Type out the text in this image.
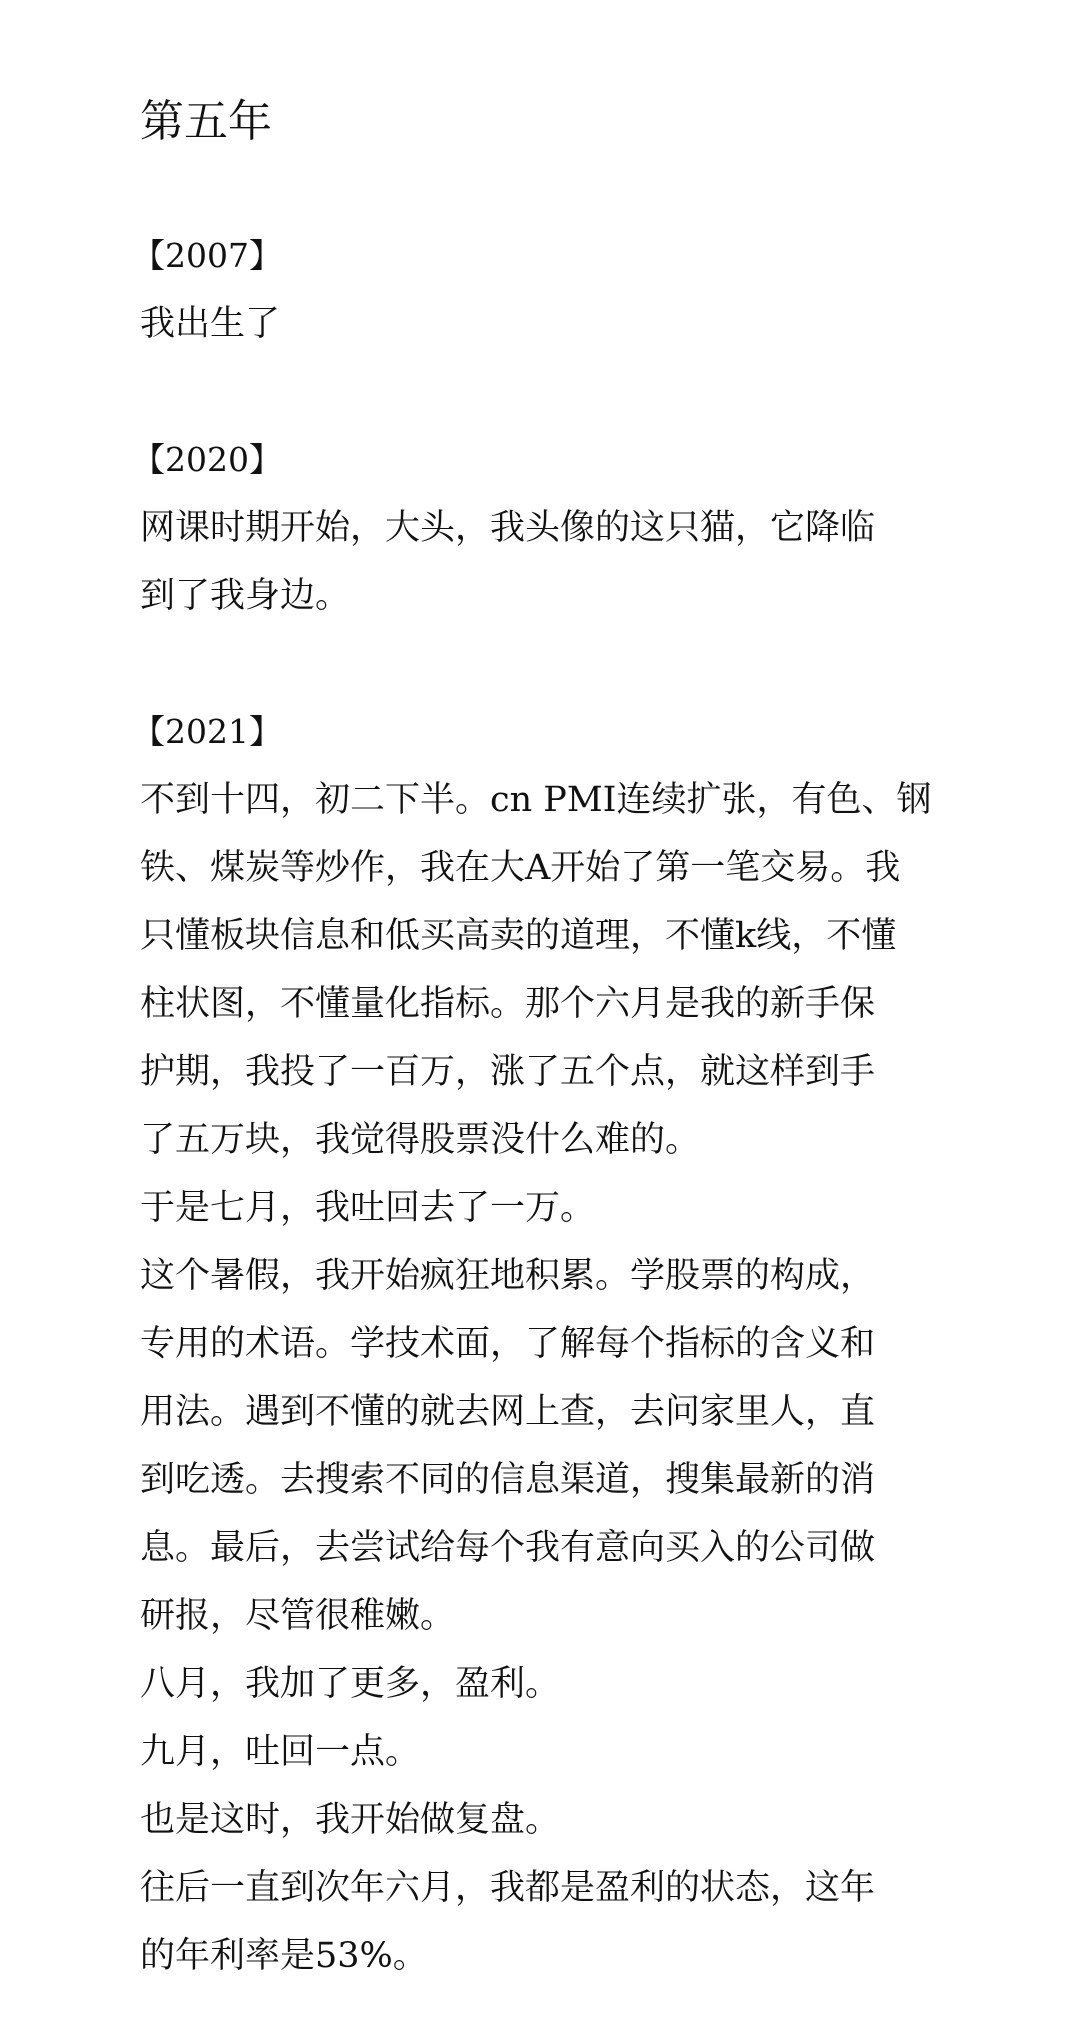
第五年

【2007】

我出生了

【2020】

网课时期开始，大头，我头像的这只猫，它降临

到了我身边。

【2021】

不到十四，初二下半。cn PMI连续扩张，有色、钢

铁、煤炭等炒作，我在大A开始了第一笔交易。我

只懂板块信息和低买高卖的道理，不懂k线，不懂

柱状图，不懂量化指标。那个六月是我的新手保

护期，我投了一百万，涨了五个点，就这样到手

了五万块，我觉得股票没什么难的。

于是七月，我吐回去了一万。

这个暑假，我开始疯狂地积累。学股票的构成，

专用的术语。学技术面，了解每个指标的含义和

用法。遇到不懂的就去网上查，去问家里人，直

到吃透。去搜索不同的信息渠道，搜集最新的消

息。最后，去尝试给每个我有意向买入的公司做

研报，尽管很稚嫩。

八月，我加了更多，盈利。

九月，吐回一点。

也是这时，我开始做复盘。

往后一直到次年六月，我都是盈利的状态，这年

的年利率是53%。
